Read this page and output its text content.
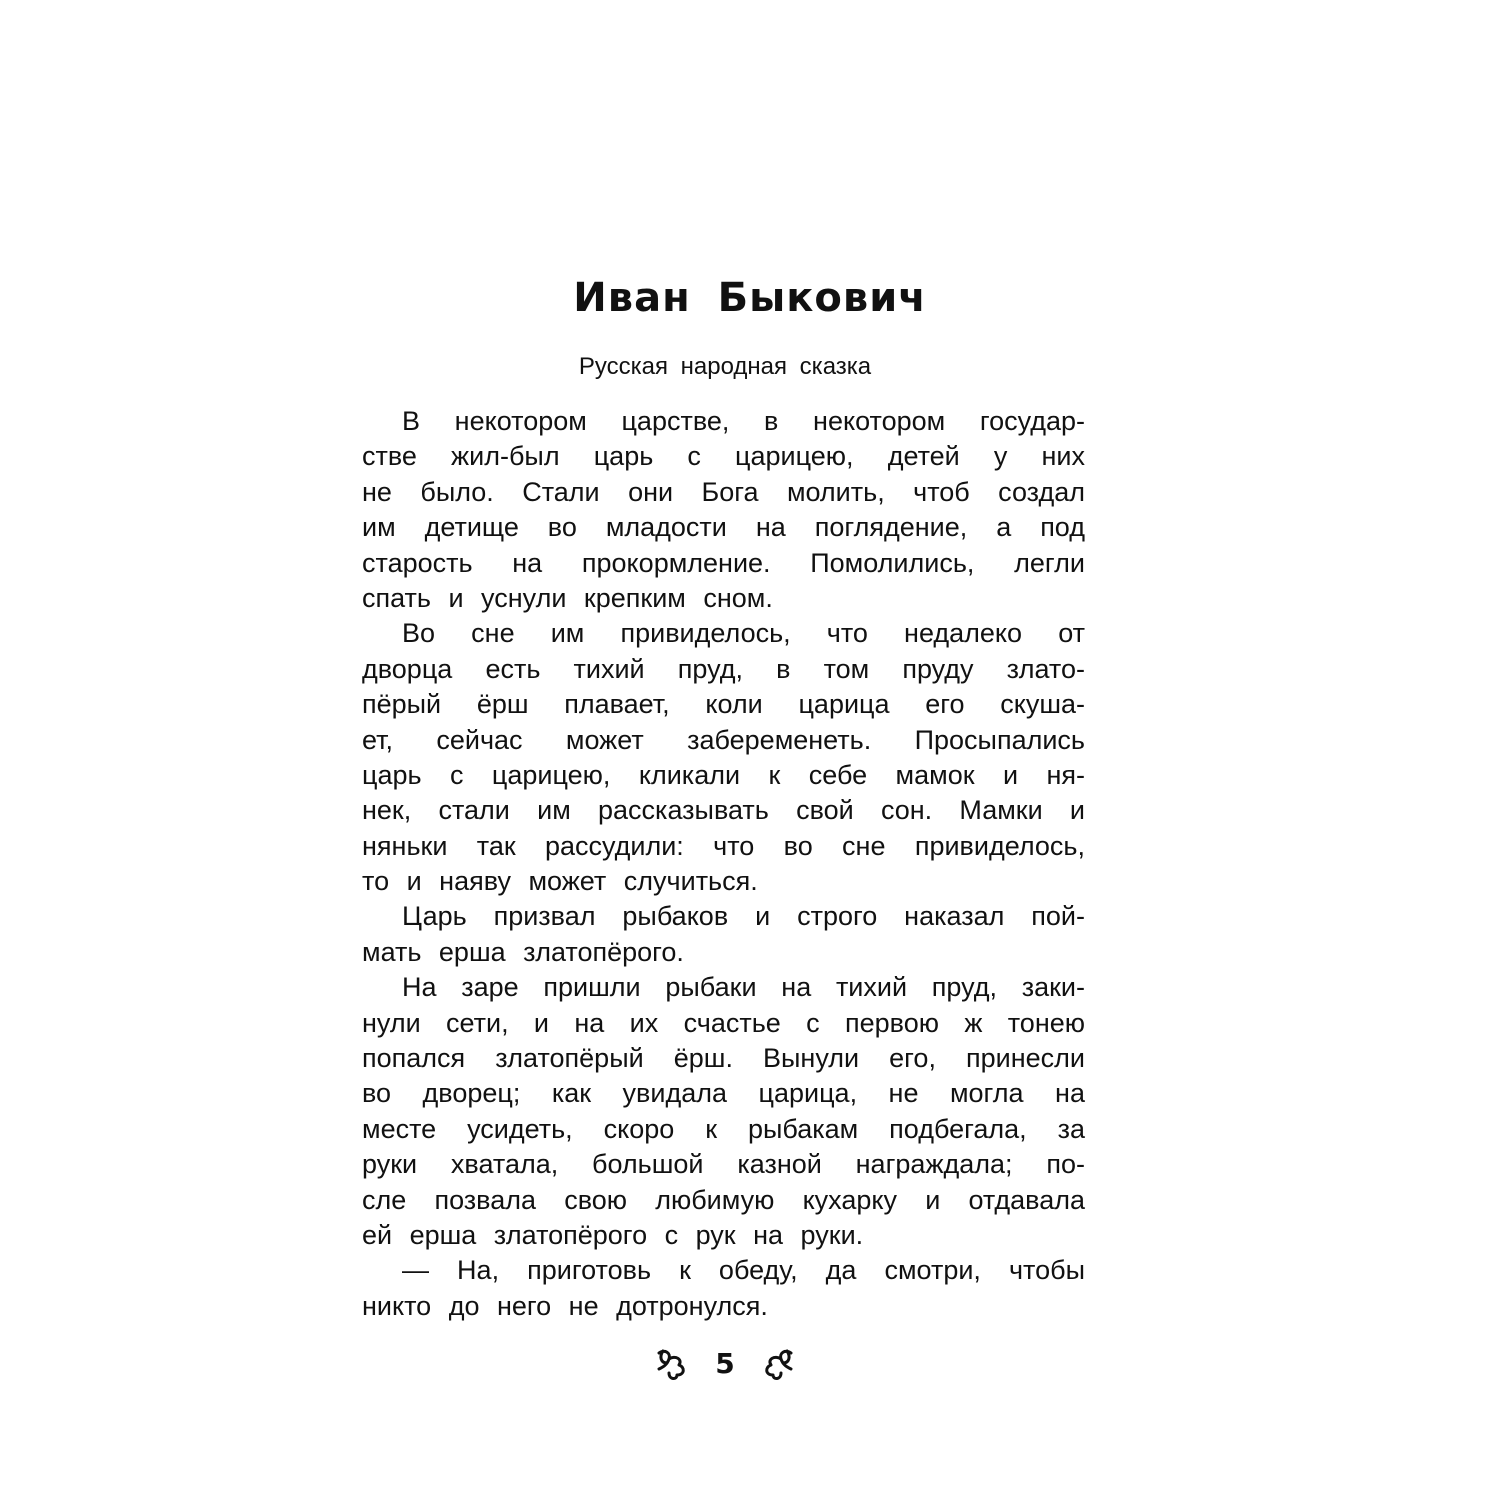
Иван Быкович
Русская народная сказка
В некотором царстве, в некотором государ-
стве жил-был царь с царицею, детей у них
не было. Стали они Бога молить, чтоб создал
им детище во младости на поглядение, а под
старость на прокормление. Помолились, легли
спать и уснули крепким сном.
Во сне им привиделось, что недалеко от
дворца есть тихий пруд, в том пруду злато-
пёрый ёрш плавает, коли царица его скуша-
ет, сейчас может забеременеть. Просыпались
царь с царицею, кликали к себе мамок и ня-
нек, стали им рассказывать свой сон. Мамки и
няньки так рассудили: что во сне привиделось,
то и наяву может случиться.
Царь призвал рыбаков и строго наказал пой-
мать ерша златопёрого.
На заре пришли рыбаки на тихий пруд, заки-
нули сети, и на их счастье с первою ж тонею
попался златопёрый ёрш. Вынули его, принесли
во дворец; как увидала царица, не могла на
месте усидеть, скоро к рыбакам подбегала, за
руки хватала, большой казной награждала; по-
сле позвала свою любимую кухарку и отдавала
ей ерша златопёрого с рук на руки.
— На, приготовь к обеду, да смотри, чтобы
никто до него не дотронулся.
5
